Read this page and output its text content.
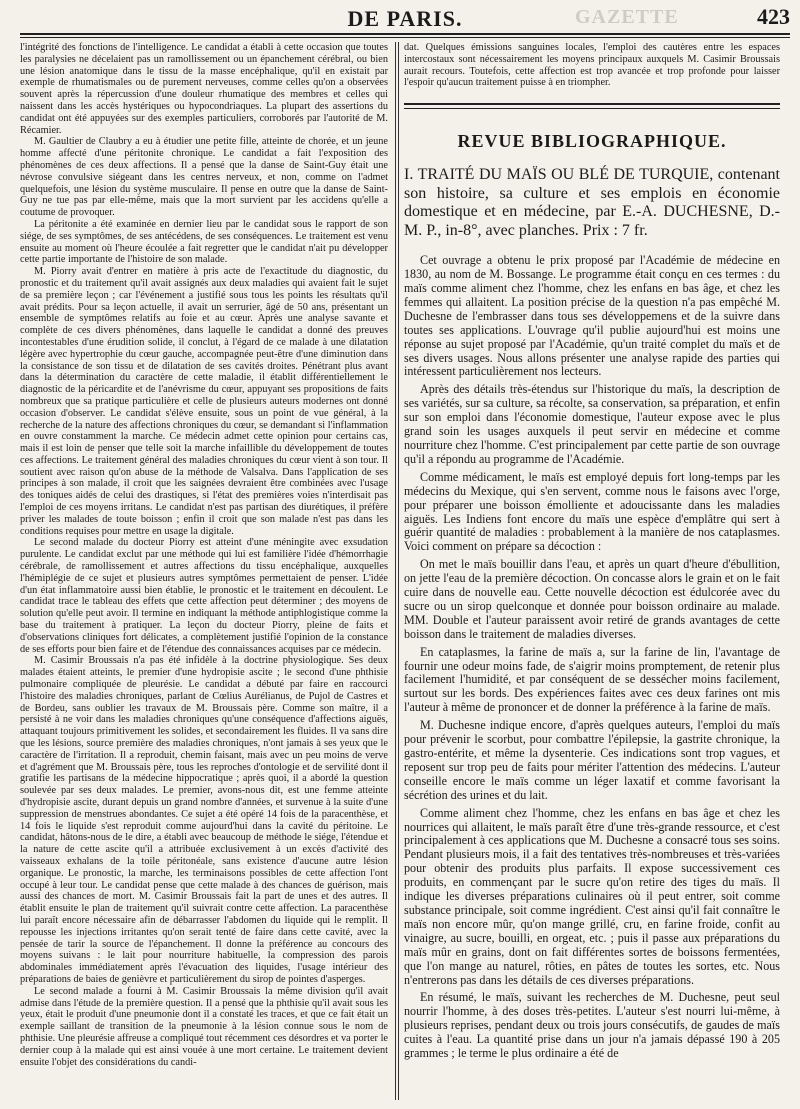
GAZETTE
DE PARIS.	423

l'intégrité des fonctions de l'intelligence. Le candidat a établi à cette occasion que toutes les paralysies ne décelaient pas un ramollissement ou un épanchement cérébral, ou bien une lésion anatomique dans le tissu de la masse encéphalique, qu'il en existait par exemple de rhumatismales ou de purement nerveuses, comme celles qu'on a observées souvent après la répercussion d'une douleur rhumatique des membres et celles qui naissent dans les accès hystériques ou hypocondriaques. La plupart des assertions du candidat ont été appuyées sur des exemples particuliers, corroborés par l'autorité de M. Récamier.

M. Gaultier de Claubry a eu à étudier une petite fille, atteinte de chorée, et un jeune homme affecté d'une péritonite chronique. Le candidat a fait l'exposition des phénomènes de ces deux affections. Il a pensé que la danse de Saint-Guy était une névrose convulsive siégeant dans les centres nerveux, et non, comme on l'admet quelquefois, une lésion du système musculaire. Il pense en outre que la danse de Saint-Guy ne tue pas par elle-même, mais que la mort survient par les accidens qu'elle a coutume de provoquer.

La péritonite a été examinée en dernier lieu par le candidat sous le rapport de son siége, de ses symptômes, de ses antécédens, de ses conséquences. Le traitement est venu ensuite au moment où l'heure écoulée a fait regretter que le candidat n'ait pu développer cette partie importante de l'histoire de son malade.

M. Piorry avait d'entrer en matière à pris acte de l'exactitude du diagnostic, du pronostic et du traitement qu'il avait assignés aux deux maladies qui avaient fait le sujet de sa première leçon ; car l'événement a justifié sous tous les points les résultats qu'il avait prédits. Pour sa leçon actuelle, il avait un serrurier, âgé de 50 ans, présentant un ensemble de symptômes relatifs au foie et au cœur. Après une analyse savante et complète de ces divers phénomènes, dans laquelle le candidat a donné des preuves incontestables d'une érudition solide, il conclut, à l'égard de ce malade à une dilatation légère avec hypertrophie du cœur gauche, accompagnée peut-être d'une diminution dans la consistance de son tissu et de dilatation de ses cavités droites. Pénétrant plus avant dans la détermination du caractère de cette maladie, il établit différentiellement le diagnostic de la péricardite et de l'anévrisme du cœur, appuyant ses propositions de faits nombreux que sa pratique particulière et celle de plusieurs auteurs modernes ont donné occasion d'observer. Le candidat s'élève ensuite, sous un point de vue général, à la recherche de la nature des affections chroniques du cœur, se demandant si l'inflammation en ouvre constamment la marche. Ce médecin admet cette opinion pour certains cas, mais il est loin de penser que telle soit la marche infaillible du développement de toutes ces affections. Le traitement général des maladies chroniques du cœur vient à son tour. Il soutient avec raison qu'on abuse de la méthode de Valsalva. Dans l'application de ses principes à son malade, il croit que les saignées devraient être combinées avec l'usage des toniques aidés de celui des drastiques, si l'état des premières voies n'interdisait pas l'emploi de ces moyens irritans. Le candidat n'est pas partisan des diurétiques, il préfère priver les malades de toute boisson ; enfin il croit que son malade n'est pas dans les conditions requises pour mettre en usage la digitale.

Le second malade du docteur Piorry est atteint d'une méningite avec exsudation purulente. Le candidat exclut par une méthode qui lui est familière l'idée d'hémorrhagie cérébrale, de ramollissement et autres affections du tissu encéphalique, auxquelles l'hémiplégie de ce sujet et plusieurs autres symptômes permettaient de penser. L'idée d'un état inflammatoire aussi bien établie, le pronostic et le traitement en découlent. Le candidat trace le tableau des effets que cette affection peut déterminer ; des moyens de solution qu'elle peut avoir. Il termine en indiquant la méthode antiphlogistique comme la base du traitement à pratiquer. La leçon du docteur Piorry, pleine de faits et d'observations cliniques fort délicates, a complètement justifié l'opinion de la constance de ses efforts pour bien faire et de l'étendue des connaissances acquises par ce médecin.

M. Casimir Broussais n'a pas été infidèle à la doctrine physiologique. Ses deux malades étaient atteints, le premier d'une hydropisie ascite ; le second d'une phthisie pulmonaire compliquée de pleurésie. Le candidat a débuté par faire en raccourci l'histoire des maladies chroniques, parlant de Cœlius Aurélianus, de Pujol de Castres et de Bordeu, sans oublier les travaux de M. Broussais père. Comme son maître, il a persisté à ne voir dans les maladies chroniques qu'une conséquence d'affections aiguës, attaquant toujours primitivement les solides, et secondairement les fluides. Il va sans dire que les lésions, source première des maladies chroniques, n'ont jamais à ses yeux que le caractère de l'irritation. Il a reproduit, chemin faisant, mais avec un peu moins de verve et d'agrément que M. Broussais père, tous les reproches d'ontologie et de servilité dont il gratifie les partisans de la médecine hippocratique ; après quoi, il a abordé la question soulevée par ses deux malades. Le premier, avons-nous dit, est une femme atteinte d'hydropisie ascite, durant depuis un grand nombre d'années, et survenue à la suite d'une suppression de menstrues abondantes. Ce sujet a été opéré 14 fois de la paracenthèse, et 14 fois le liquide s'est reproduit comme aujourd'hui dans la cavité du péritoine. Le candidat, hâtons-nous de le dire, a établi avec beaucoup de méthode le siége, l'étendue et la nature de cette ascite qu'il a attribuée exclusivement à un excès d'activité des vaisseaux exhalans de la toile péritonéale, sans existence d'aucune autre lésion organique. Le pronostic, la marche, les terminaisons possibles de cette affection l'ont occupé à leur tour. Le candidat pense que cette malade à des chances de guérison, mais aussi des chances de mort. M. Casimir Broussais fait la part de unes et des autres. Il établit ensuite le plan de traitement qu'il suivrait contre cette affection. La paracenthèse lui paraît encore nécessaire afin de débarrasser l'abdomen du liquide qui le remplit. Il repousse les injections irritantes qu'on serait tenté de faire dans cette cavité, avec la pensée de tarir la source de l'épanchement. Il donne la préférence au concours des moyens suivans : le lait pour nourriture habituelle, la compression des parois abdominales immédiatement après l'évacuation des liquides, l'usage intérieur des préparations de baies de genièvre et particulièrement du sirop de pointes d'asperges.

Le second malade a fourni à M. Casimir Broussais la même division qu'il avait admise dans l'étude de la première question. Il a pensé que la phthisie qu'il avait sous les yeux, était le produit d'une pneumonie dont il a constaté les traces, et que ce fait était un exemple saillant de transition de la pneumonie à la lésion connue sous le nom de phthisie. Une pleurésie affreuse a compliqué tout récemment ces désordres et va porter le dernier coup à la malade qui est ainsi vouée à une mort certaine. Le traitement devient ensuite l'objet des considérations du candi-

dat. Quelques émissions sanguines locales, l'emploi des cautères entre les espaces intercostaux sont nécessairement les moyens principaux auxquels M. Casimir Broussais aurait recours. Toutefois, cette affection est trop avancée et trop profonde pour laisser l'espoir qu'aucun traitement puisse à en triompher.

REVUE BIBLIOGRAPHIQUE.
I. TRAITÉ DU MAÏS OU BLÉ DE TURQUIE, contenant son histoire, sa culture et ses emplois en économie domestique et en médecine, par E.-A. DUCHESNE, D.-M. P., in-8°, avec planches. Prix : 7 fr.

Cet ouvrage a obtenu le prix proposé par l'Académie de médecine en 1830, au nom de M. Bossange. Le programme était conçu en ces termes : du maïs comme aliment chez l'homme, chez les enfans en bas âge, et chez les femmes qui allaitent. La position précise de la question n'a pas empêché M. Duchesne de l'embrasser dans tous ses développemens et de la suivre dans toutes ses applications. L'ouvrage qu'il publie aujourd'hui est moins une réponse au sujet proposé par l'Académie, qu'un traité complet du maïs et de ses divers usages. Nous allons présenter une analyse rapide des parties qui intéressent particulièrement nos lecteurs.

Après des détails très-étendus sur l'historique du maïs, la description de ses variétés, sur sa culture, sa récolte, sa conservation, sa préparation, et enfin sur son emploi dans l'économie domestique, l'auteur expose avec le plus grand soin les usages auxquels il peut servir en médecine et comme nourriture chez l'homme. C'est principalement par cette partie de son ouvrage qu'il a répondu au programme de l'Académie.

Comme médicament, le maïs est employé depuis fort long-temps par les médecins du Mexique, qui s'en servent, comme nous le faisons avec l'orge, pour préparer une boisson émolliente et adoucissante dans les maladies aiguës. Les Indiens font encore du maïs une espèce d'emplâtre qui sert à guérir quantité de maladies : probablement à la manière de nos cataplasmes. Voici comment on prépare sa décoction :

On met le maïs bouillir dans l'eau, et après un quart d'heure d'ébullition, on jette l'eau de la première décoction. On concasse alors le grain et on le fait cuire dans de nouvelle eau. Cette nouvelle décoction est édulcorée avec du sucre ou un sirop quelconque et donnée pour boisson ordinaire au malade. MM. Double et l'auteur paraissent avoir retiré de grands avantages de cette boisson dans le traitement de maladies diverses.

En cataplasmes, la farine de maïs a, sur la farine de lin, l'avantage de fournir une odeur moins fade, de s'aigrir moins promptement, de retenir plus facilement l'humidité, et par conséquent de se dessécher moins facilement, surtout sur les bords. Des expériences faites avec ces deux farines ont mis l'auteur à même de prononcer et de donner la préférence à la farine de maïs.

M. Duchesne indique encore, d'après quelques auteurs, l'emploi du maïs pour prévenir le scorbut, pour combattre l'épilepsie, la gastrite chronique, la gastro-entérite, et même la dysenterie. Ces indications sont trop vagues, et reposent sur trop peu de faits pour mériter l'attention des médecins. L'auteur conseille encore le maïs comme un léger laxatif et comme favorisant la sécrétion des urines et du lait.

Comme aliment chez l'homme, chez les enfans en bas âge et chez les nourrices qui allaitent, le maïs paraît être d'une très-grande ressource, et c'est principalement à ces applications que M. Duchesne a consacré tous ses soins. Pendant plusieurs mois, il a fait des tentatives très-nombreuses et très-variées pour obtenir des produits plus parfaits. Il expose successivement ces produits, en commençant par le sucre qu'on retire des tiges du maïs. Il indique les diverses préparations culinaires où il peut entrer, soit comme substance principale, soit comme ingrédient. C'est ainsi qu'il fait connaître le maïs non encore mûr, qu'on mange grillé, cru, en farine froide, confit au vinaigre, au sucre, bouilli, en orgeat, etc. ; puis il passe aux préparations du maïs mûr en grains, dont on fait différentes sortes de boissons fermentées, que l'on mange au naturel, rôties, en pâtes de toutes les sortes, etc. Nous n'entrerons pas dans les détails de ces diverses préparations.

En résumé, le maïs, suivant les recherches de M. Duchesne, peut seul nourrir l'homme, à des doses très-petites. L'auteur s'est nourri lui-même, à plusieurs reprises, pendant deux ou trois jours consécutifs, de gaudes de maïs cuites à l'eau. La quantité prise dans un jour n'a jamais dépassé 190 à 205 grammes ; le terme le plus ordinaire a été de
